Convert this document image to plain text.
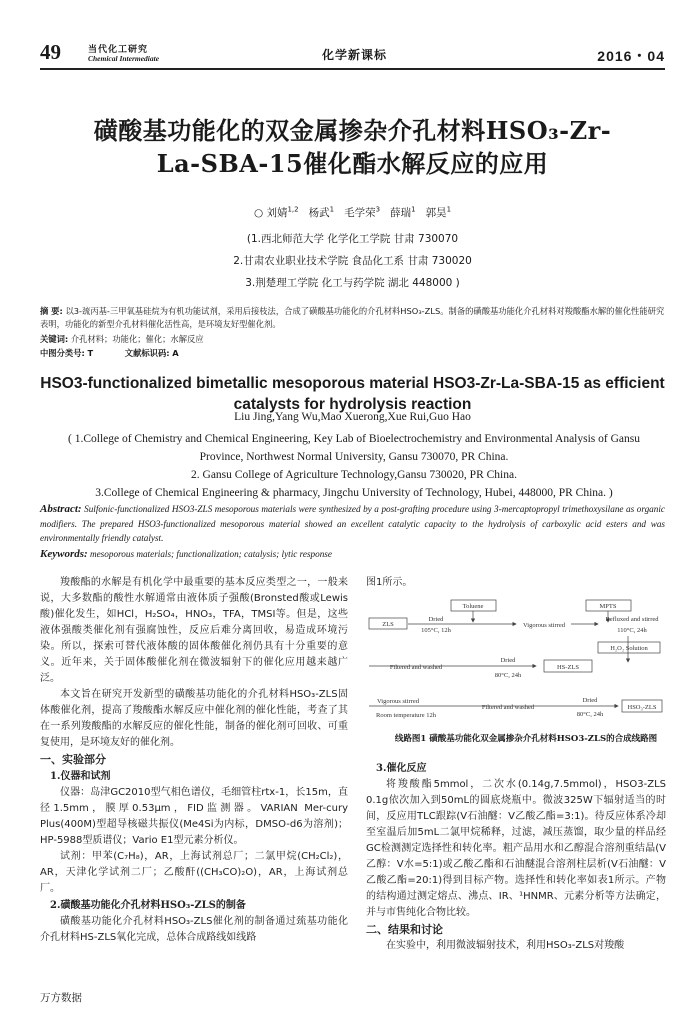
49	当代化工研究
Chemical Intermediate	化学新课标	2016・04
磺酸基功能化的双金属掺杂介孔材料HSO₃-Zr-
La-SBA-15催化酯水解反应的应用
○ 刘婧$^{1,2}$ 杨武$^1$ 毛学荣$^3$ 薛瑞$^1$ 郭昊$^1$
(1.西北师范大学 化学化工学院 甘肃 730070
2.甘肃农业职业技术学院 食品化工系 甘肃 730020
3.荆楚理工学院 化工与药学院 湖北 448000 )
摘 要: 以3-巯丙基-三甲氧基硅烷为有机功能试剂，采用后接枝法，合成了磺酸基功能化的介孔材料HSO₃-ZLS。制备的磺酸基功能化介孔材料对羧酸酯水解的催化性能研究表明，功能化的新型介孔材料催化活性高，是环境友好型催化剂。
关键词: 介孔材料；功能化；催化；水解反应
中图分类号: T	文献标识码: A
HSO3-functionalized bimetallic mesoporous material HSO3-Zr-La-SBA-15 as efficient
catalysts for hydrolysis reaction
Liu Jing,Yang Wu,Mao Xuerong,Xue Rui,Guo Hao
( 1.College of Chemistry and Chemical Engineering, Key Lab of Bioelectrochemistry and Environmental Analysis of Gansu
Province, Northwest Normal University, Gansu 730070, PR China.
2. Gansu College of Agriculture Technology,Gansu 730020, PR China.
3.College of Chemical Engineering & pharmacy, Jingchu University of Technology, Hubei, 448000, PR China. )
Abstract: Sulfonic-functionalized HSO3-ZLS mesoporous materials were synthesized by a post-grafting procedure using 3-mercaptopropyl trimethoxysilane as organic modifiers. The prepared HSO3-functionalized mesoporous material showed an excellent catalytic capacity to the hydrolysis of carboxylic acid esters and was environmentally friendly catalyst.
Keywords: mesoporous materials; functionalization; catalysis; lytic response

羧酸酯的水解是有机化学中最重要的基本反应类型之一，一般来说，大多数酯的酸性水解通常由液体质子强酸(Bronsted酸或Lewis酸)催化发生，如HCl，H₂SO₄，HNO₃，TFA，TMSI等。但是，这些液体强酸类催化剂有强腐蚀性，反应后难分离回收，易造成环境污染。所以，探索可替代液体酸的固体酸催化剂仍具有十分重要的意义。近年来，关于固体酸催化剂在微波辐射下的催化应用越来越广泛。

本文旨在研究开发新型的磺酸基功能化的介孔材料HSO₃-ZLS固体酸催化剂，提高了羧酸酯水解反应中催化剂的催化性能，考查了其在一系列羧酸酯的水解反应的催化性能，制备的催化剂可回收、可重复使用，是环境友好的催化剂。

一、实验部分
1.仪器和试剂

仪器：岛津GC2010型气相色谱仪，毛细管柱rtx-1，长15m，直径1.5mm，膜厚0.53μm，FID监测器。VARIAN Mer-cury Plus(400M)型超导核磁共振仪(Me4Si为内标，DMSO-d6为溶剂)；HP-5988型质谱仪；Vario E1型元素分析仪。

试剂：甲苯(C₇H₈)，AR，上海试剂总厂；二氯甲烷(CH₂Cl₂)，AR，天津化学试剂二厂；乙酸酐((CH₃CO)₂O)，AR，上海试剂总厂。

2.磺酸基功能化介孔材料HSO₃-ZLS的制备

磺酸基功能化介孔材料HSO₃-ZLS催化剂的制备通过巯基功能化介孔材料HS-ZLS氧化完成，总体合成路线如线路

图1所示。
Toluene	MPTS
ZLS
Dried
105°C, 12h
Vigorous stirred
Refluxed and stirred
110°C, 24h
H₂O₂ Solution
Filtered and washed
Dried
80°C, 24h
HS-ZLS
Vigorous stirred
Room temperature 12h
Filtered and washed
Dried
80°C, 24h
HSO₃-ZLS
线路图1 磺酸基功能化双金属掺杂介孔材料HSO3-ZLS的合成线路图
3.催化反应

将羧酸酯5mmol，二次水(0.14g,7.5mmol)，HSO3-ZLS 0.1g依次加入到50mL的圆底烧瓶中。微波325W下辐射适当的时间，反应用TLC跟踪(V石油醚：V乙酸乙酯=3:1)。待反应体系冷却至室温后加5mL二氯甲烷稀释，过滤，减压蒸馏，取少量的样品经GC检测测定选择性和转化率。粗产品用水和乙醇混合溶剂重结晶(V乙醇：V水=5:1)或乙酸乙酯和石油醚混合溶剂柱层析(V石油醚：V乙酸乙酯=20:1)得到目标产物。选择性和转化率如表1所示。产物的结构通过测定熔点、沸点、IR、¹HNMR、元素分析等方法确定，并与市售纯化合物比较。

二、结果和讨论

在实验中，利用微波辐射技术，利用HSO₃-ZLS对羧酸

万方数据
